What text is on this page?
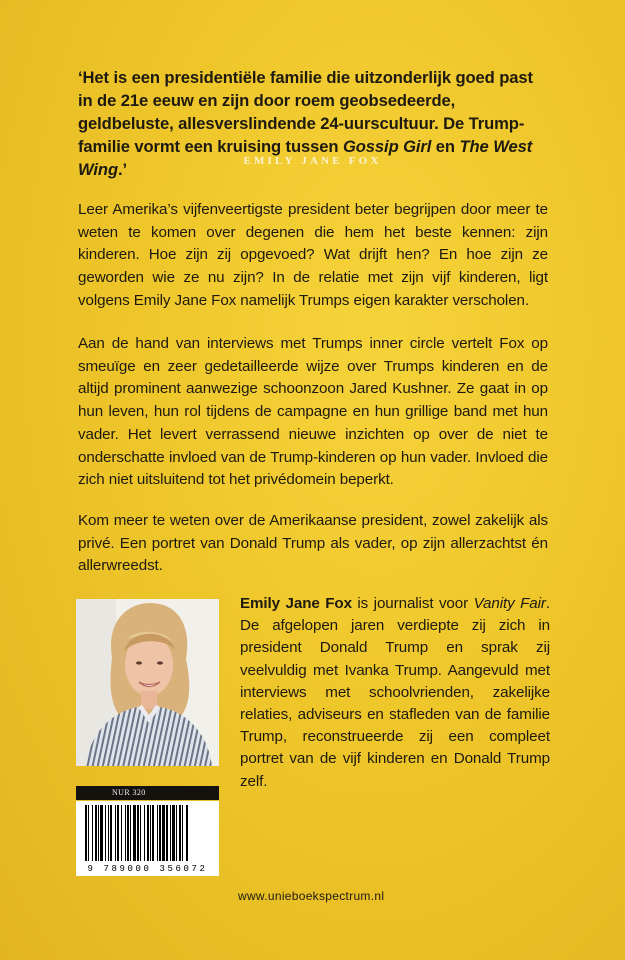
‘Het is een presidentiële familie die uitzonderlijk goed past in de 21e eeuw en zijn door roem geobsedeerde, geldbeluste, allesverslindende 24-uurscultuur. De Trump-familie vormt een kruising tussen Gossip Girl en The West Wing.’	EMILY JANE FOX
Leer Amerika’s vijfenveertigste president beter begrijpen door meer te weten te komen over degenen die hem het beste kennen: zijn kinderen. Hoe zijn zij opgevoed? Wat drijft hen? En hoe zijn ze geworden wie ze nu zijn? In de relatie met zijn vijf kinderen, ligt volgens Emily Jane Fox namelijk Trumps eigen karakter verscholen.
Aan de hand van interviews met Trumps inner circle vertelt Fox op smeuïge en zeer gedetailleerde wijze over Trumps kinderen en de altijd prominent aanwezige schoonzoon Jared Kushner. Ze gaat in op hun leven, hun rol tijdens de campagne en hun grillige band met hun vader. Het levert verrassend nieuwe inzichten op over de niet te onderschatte invloed van de Trump-kinderen op hun vader. Invloed die zich niet uitsluitend tot het privédomein beperkt.
Kom meer te weten over de Amerikaanse president, zowel zakelijk als privé. Een portret van Donald Trump als vader, op zijn allerzachtst én allerwreedst.
Emily Jane Fox is journalist voor Vanity Fair. De afgelopen jaren verdiepte zij zich in president Donald Trump en sprak zij veelvuldig met Ivanka Trump. Aangevuld met interviews met schoolvrienden, zakelijke relaties, adviseurs en stafleden van de familie Trump, reconstrueerde zij een compleet portret van de vijf kinderen en Donald Trump zelf.
NUR 320
9 789000 356072
www.unieboekspectrum.nl
